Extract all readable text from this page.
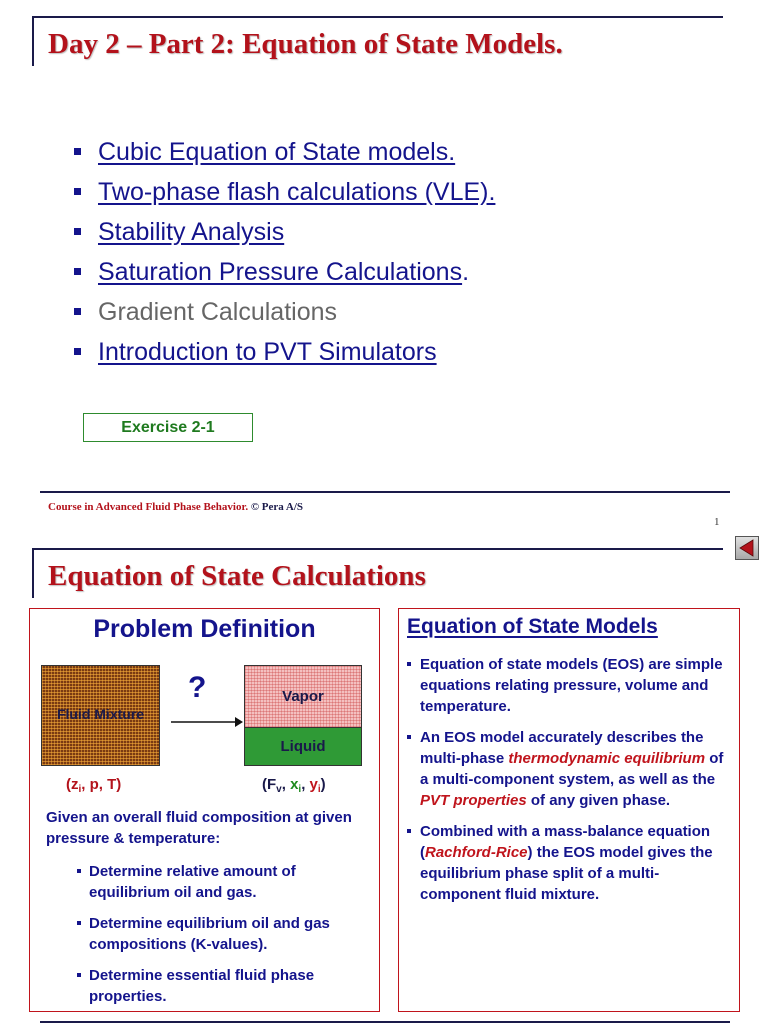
Day 2 – Part 2: Equation of State Models.
Cubic Equation of State models.
Two-phase flash calculations (VLE).
Stability Analysis
Saturation Pressure Calculations.
Gradient Calculations
Introduction to PVT Simulators
Exercise 2-1
Course in Advanced Fluid Phase Behavior. © Pera A/S
1
Equation of State Calculations
Problem Definition
Fluid Mixture
?	Vapor
Liquid
($z_i$, p, T)	($F_v$, $x_i$, $y_i$)
Given an overall fluid composition at given pressure & temperature:
Determine relative amount of equilibrium oil and gas.
Determine equilibrium oil and gas compositions (K-values).
Determine essential fluid phase properties.
Equation of State Models
Equation of state models (EOS) are simple equations relating pressure, volume and temperature.
An EOS model accurately describes the multi-phase thermodynamic equilibrium of a multi-component system, as well as the PVT properties of any given phase.
Combined with a mass-balance equation (Rachford-Rice) the EOS model gives the equilibrium phase split of a multi-component fluid mixture.
